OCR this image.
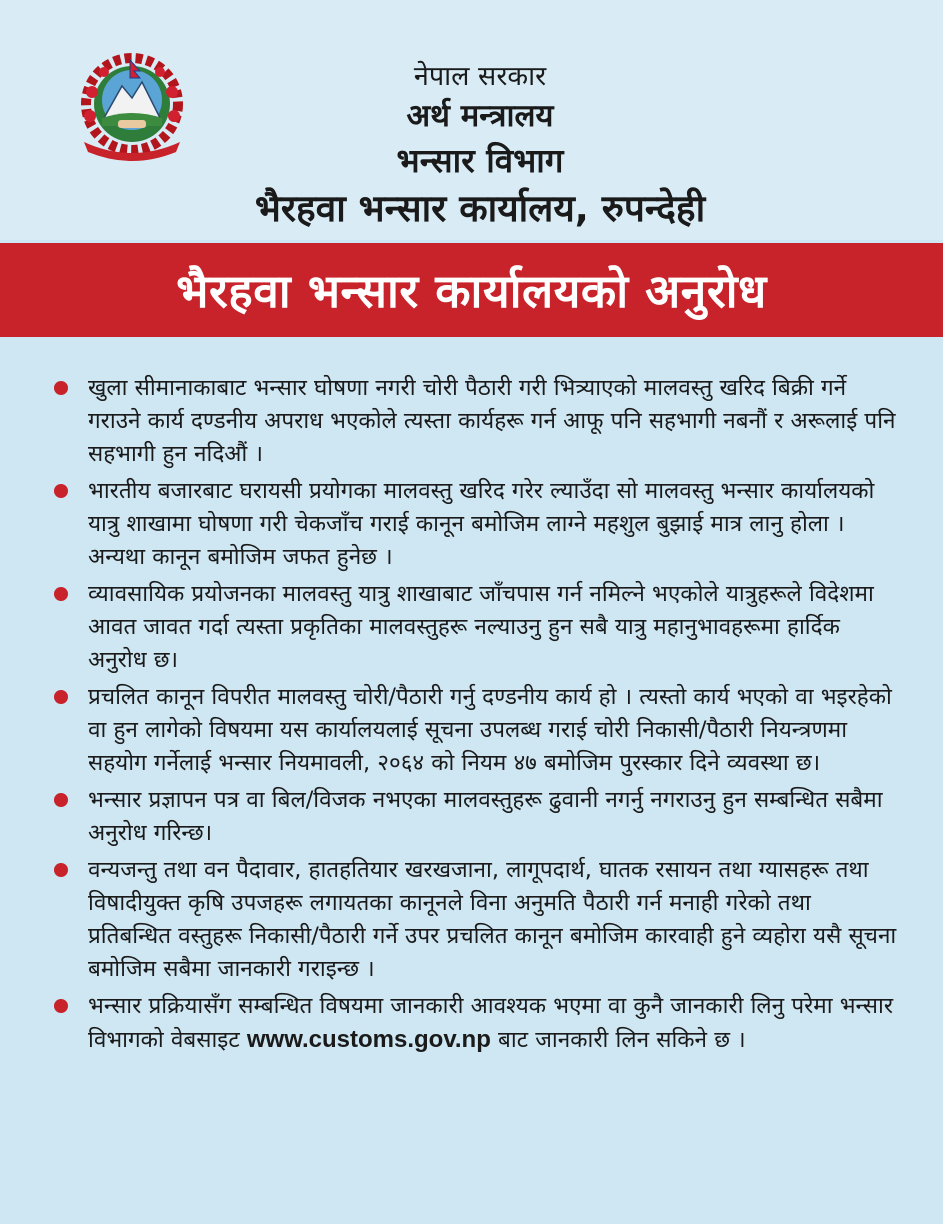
नेपाल सरकार
अर्थ मन्त्रालय
भन्सार विभाग
भैरहवा भन्सार कार्यालय, रुपन्देही
भैरहवा भन्सार कार्यालयको अनुरोध
खुला सीमानाकाबाट भन्सार घोषणा नगरी चोरी पैठारी गरी भित्र्याएको मालवस्तु खरिद बिक्री गर्ने गराउने कार्य दण्डनीय अपराध भएकोले त्यस्ता कार्यहरू गर्न आफू पनि सहभागी नबनौं र अरूलाई पनि सहभागी हुन नदिऔं ।
भारतीय बजारबाट घरायसी प्रयोगका मालवस्तु खरिद गरेर ल्याउँदा सो मालवस्तु भन्सार कार्यालयको यात्रु शाखामा घोषणा गरी चेकजाँच गराई कानून बमोजिम लाग्ने महशुल बुझाई मात्र लानु होला । अन्यथा कानून बमोजिम जफत हुनेछ ।
व्यावसायिक प्रयोजनका मालवस्तु यात्रु शाखाबाट जाँचपास गर्न नमिल्ने भएकोले यात्रुहरूले विदेशमा आवत जावत गर्दा त्यस्ता प्रकृतिका मालवस्तुहरू नल्याउनु हुन सबै यात्रु महानुभावहरूमा हार्दिक अनुरोध छ।
प्रचलित कानून विपरीत मालवस्तु चोरी/पैठारी गर्नु दण्डनीय कार्य हो । त्यस्तो कार्य भएको वा भइरहेको वा हुन लागेको विषयमा यस कार्यालयलाई सूचना उपलब्ध गराई चोरी निकासी/पैठारी नियन्त्रणमा सहयोग गर्नेलाई भन्सार नियमावली, २०६४ को नियम ४७ बमोजिम पुरस्कार दिने व्यवस्था छ।
भन्सार प्रज्ञापन पत्र वा बिल/विजक नभएका मालवस्तुहरू ढुवानी नगर्नु नगराउनु हुन सम्बन्धित सबैमा अनुरोध गरिन्छ।
वन्यजन्तु तथा वन पैदावार, हातहतियार खरखजाना, लागूपदार्थ, घातक रसायन तथा ग्यासहरू तथा विषादीयुक्त कृषि उपजहरू लगायतका कानूनले विना अनुमति पैठारी गर्न मनाही गरेको तथा प्रतिबन्धित वस्तुहरू निकासी/पैठारी गर्ने उपर प्रचलित कानून बमोजिम कारवाही हुने व्यहोरा यसै सूचना बमोजिम सबैमा जानकारी गराइन्छ ।
भन्सार प्रक्रियासँग सम्बन्धित विषयमा जानकारी आवश्यक भएमा वा कुनै जानकारी लिनु परेमा भन्सार विभागको वेबसाइट www.customs.gov.np बाट जानकारी लिन सकिने छ ।
